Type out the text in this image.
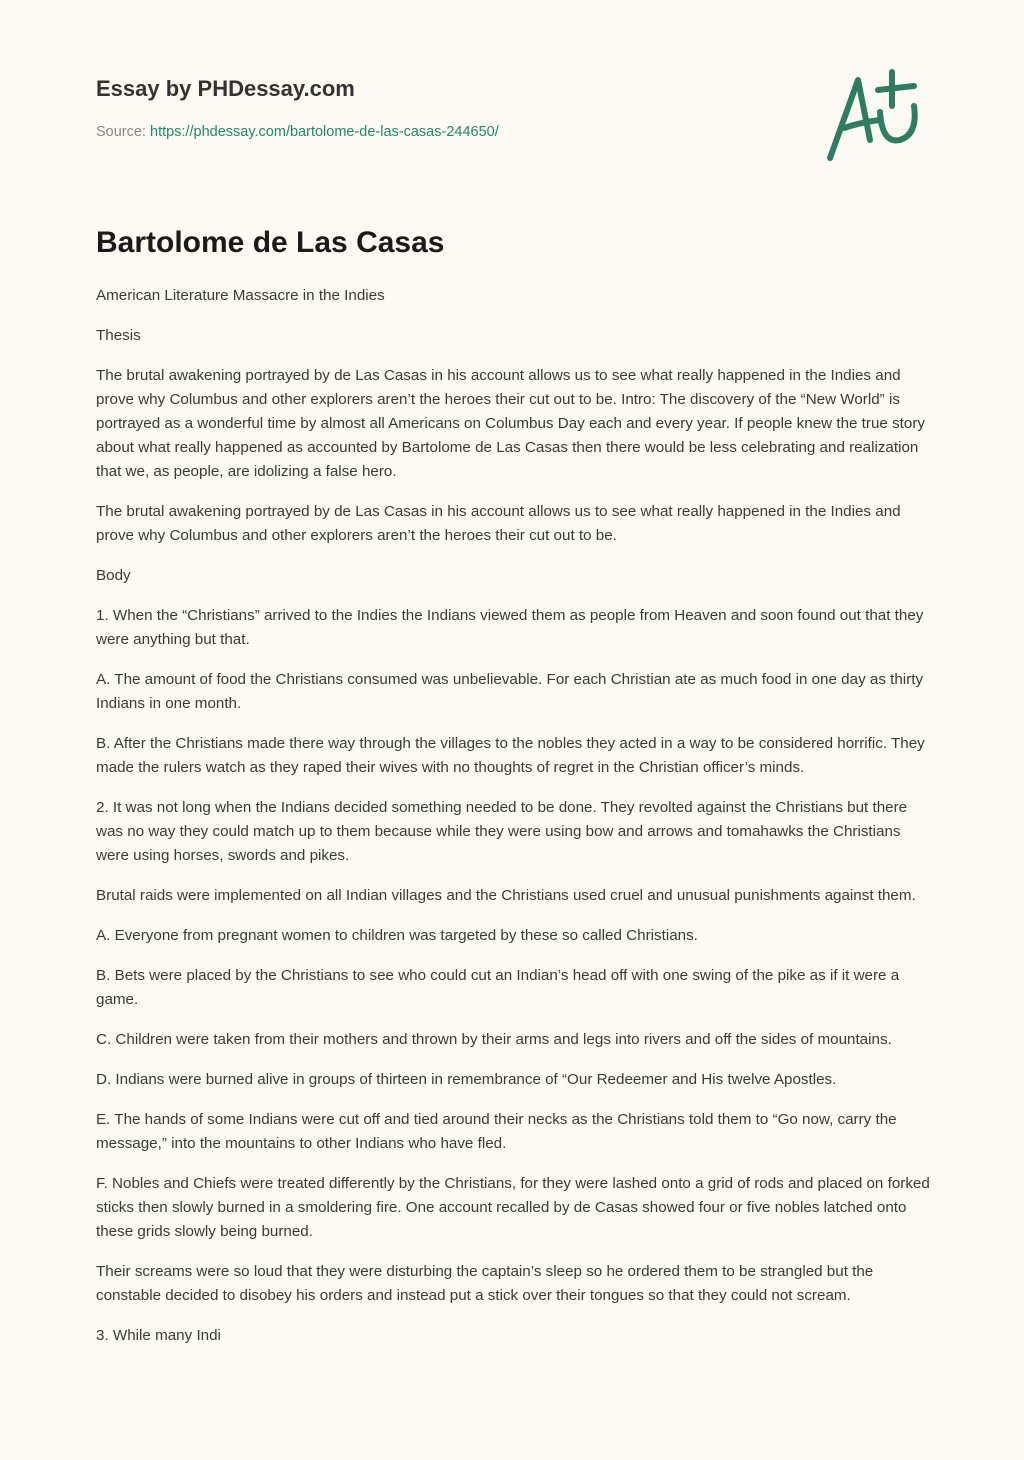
Essay by PHDessay.com
Source: https://phdessay.com/bartolome-de-las-casas-244650/
Bartolome de Las Casas

American Literature Massacre in the Indies

Thesis

The brutal awakening portrayed by de Las Casas in his account allows us to see what really happened in the Indies and prove why Columbus and other explorers aren’t the heroes their cut out to be. Intro: The discovery of the “New World” is portrayed as a wonderful time by almost all Americans on Columbus Day each and every year. If people knew the true story about what really happened as accounted by Bartolome de Las Casas then there would be less celebrating and realization that we, as people, are idolizing a false hero.

The brutal awakening portrayed by de Las Casas in his account allows us to see what really happened in the Indies and prove why Columbus and other explorers aren’t the heroes their cut out to be.

Body

1. When the “Christians” arrived to the Indies the Indians viewed them as people from Heaven and soon found out that they were anything but that.

A. The amount of food the Christians consumed was unbelievable. For each Christian ate as much food in one day as thirty Indians in one month.

B. After the Christians made there way through the villages to the nobles they acted in a way to be considered horrific. They made the rulers watch as they raped their wives with no thoughts of regret in the Christian officer’s minds.

2. It was not long when the Indians decided something needed to be done. They revolted against the Christians but there was no way they could match up to them because while they were using bow and arrows and tomahawks the Christians were using horses, swords and pikes.

Brutal raids were implemented on all Indian villages and the Christians used cruel and unusual punishments against them.

A. Everyone from pregnant women to children was targeted by these so called Christians.

B. Bets were placed by the Christians to see who could cut an Indian’s head off with one swing of the pike as if it were a game.

C. Children were taken from their mothers and thrown by their arms and legs into rivers and off the sides of mountains.

D. Indians were burned alive in groups of thirteen in remembrance of “Our Redeemer and His twelve Apostles.

E. The hands of some Indians were cut off and tied around their necks as the Christians told them to “Go now, carry the message,” into the mountains to other Indians who have fled.

F. Nobles and Chiefs were treated differently by the Christians, for they were lashed onto a grid of rods and placed on forked sticks then slowly burned in a smoldering fire. One account recalled by de Casas showed four or five nobles latched onto these grids slowly being burned.

Their screams were so loud that they were disturbing the captain’s sleep so he ordered them to be strangled but the constable decided to disobey his orders and instead put a stick over their tongues so that they could not scream.

3. While many Indi
